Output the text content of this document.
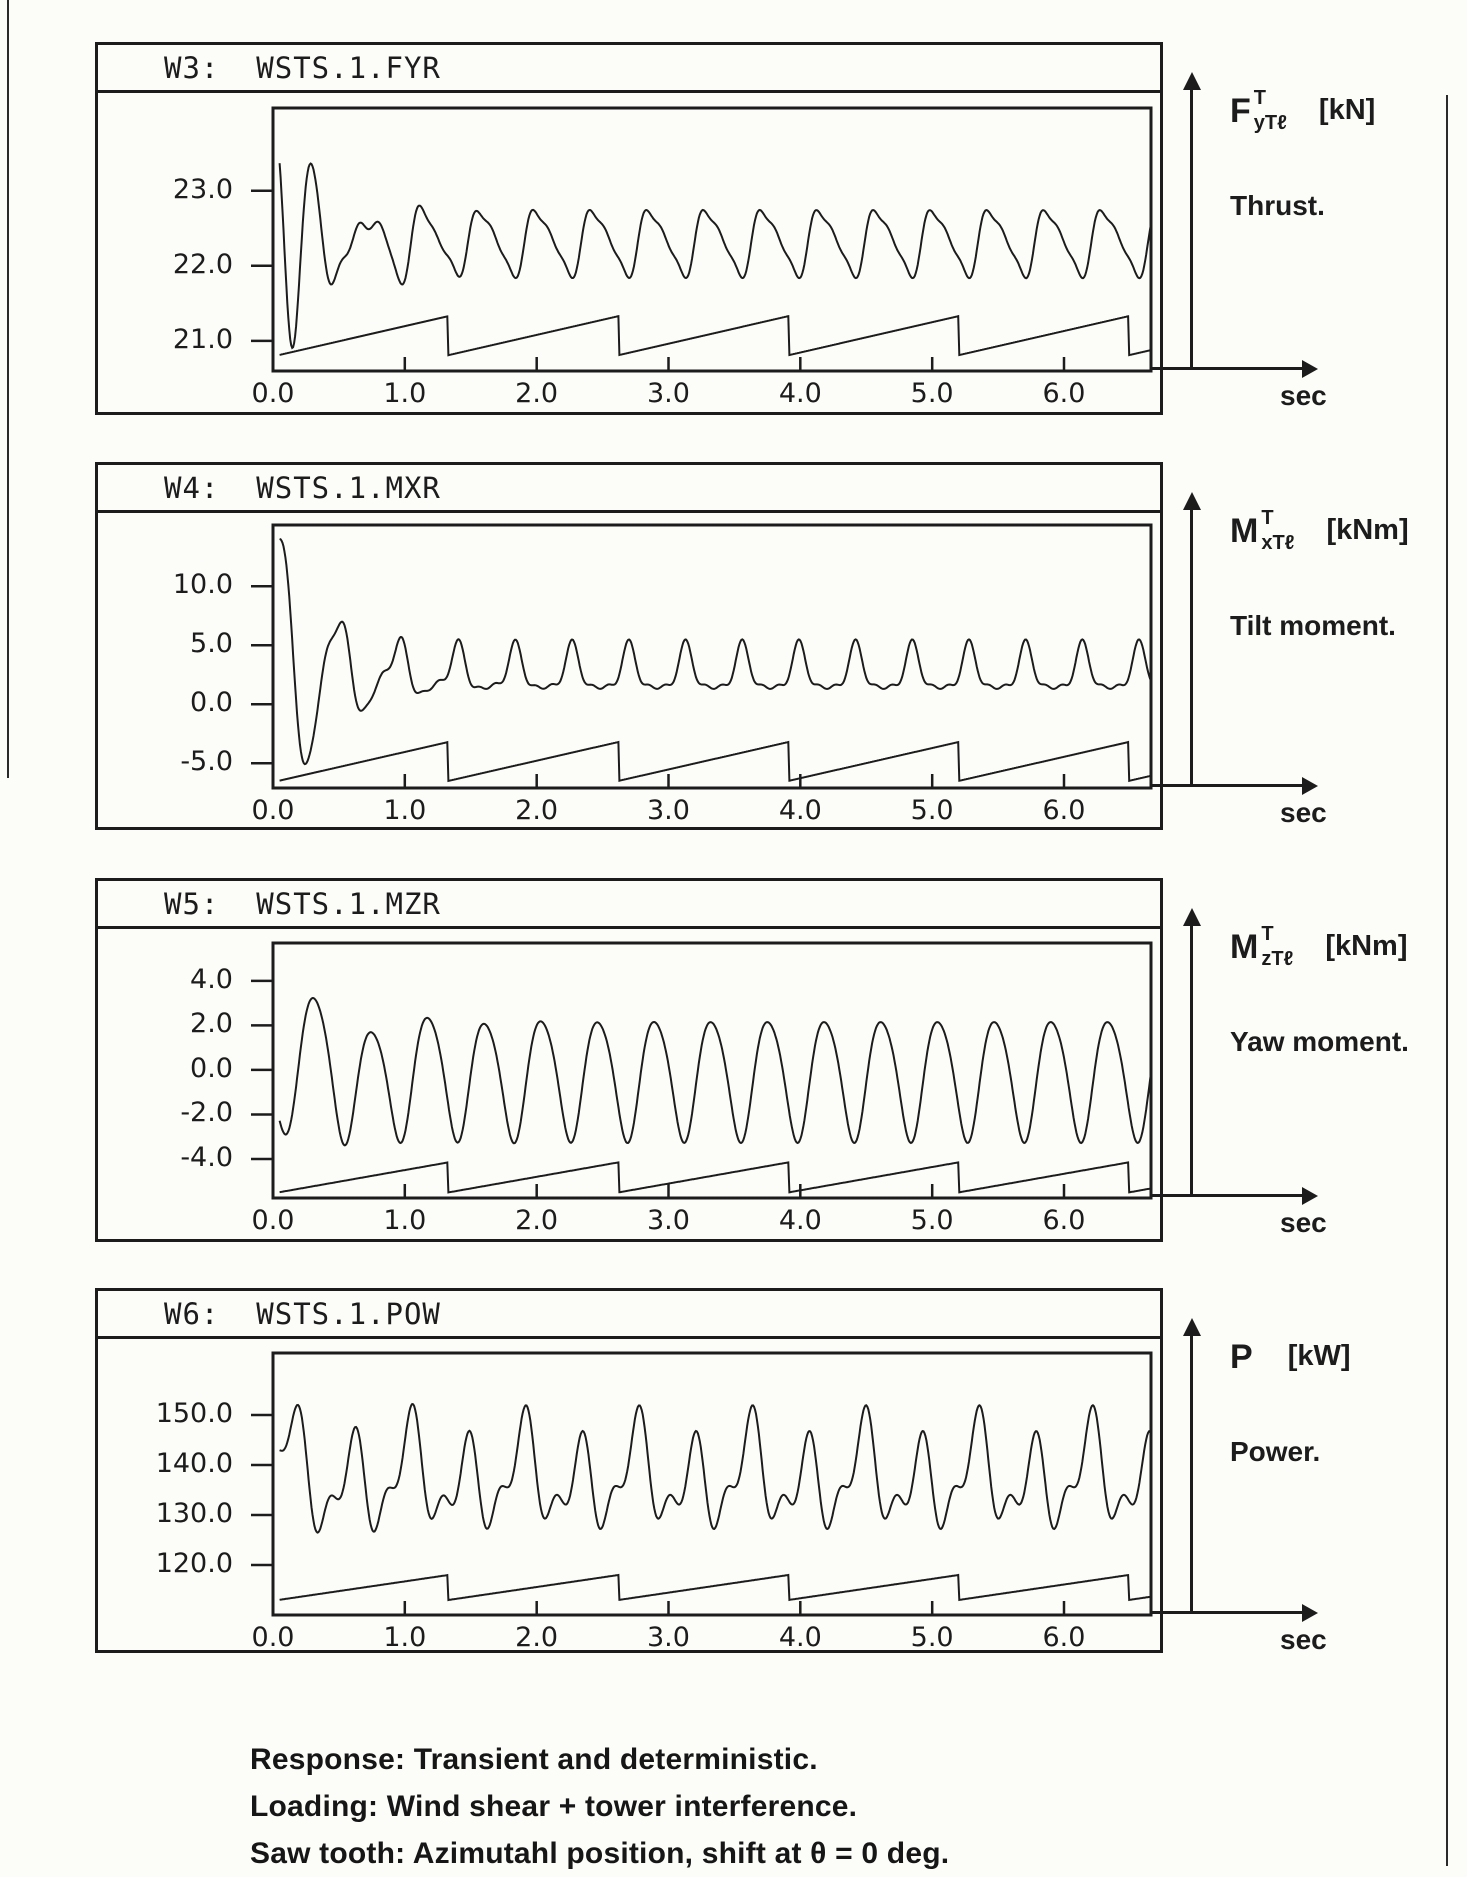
W3:  WSTS.1.FYR
21.0
22.0
23.0
0.0	1.0	2.0	3.0	4.0	5.0	6.0
W4:  WSTS.1.MXR
-5.0
0.0
5.0
10.0
0.0	1.0	2.0	3.0	4.0	5.0	6.0
W5:  WSTS.1.MZR
-4.0
-2.0
0.0
2.0
4.0
0.0	1.0	2.0	3.0	4.0	5.0	6.0
W6:  WSTS.1.POW
120.0
130.0
140.0
150.0
0.0	1.0	2.0	3.0	4.0	5.0	6.0
F T
yTℓ [kN]
Thrust.
sec
M T
xTℓ [kNm]
Tilt moment.
sec
M T
zTℓ [kNm]
Yaw moment.
sec
P [kW]
Power.
sec
Response: Transient and deterministic.
Loading: Wind shear + tower interference.
Saw tooth: Azimutahl position, shift at θ = 0 deg.
